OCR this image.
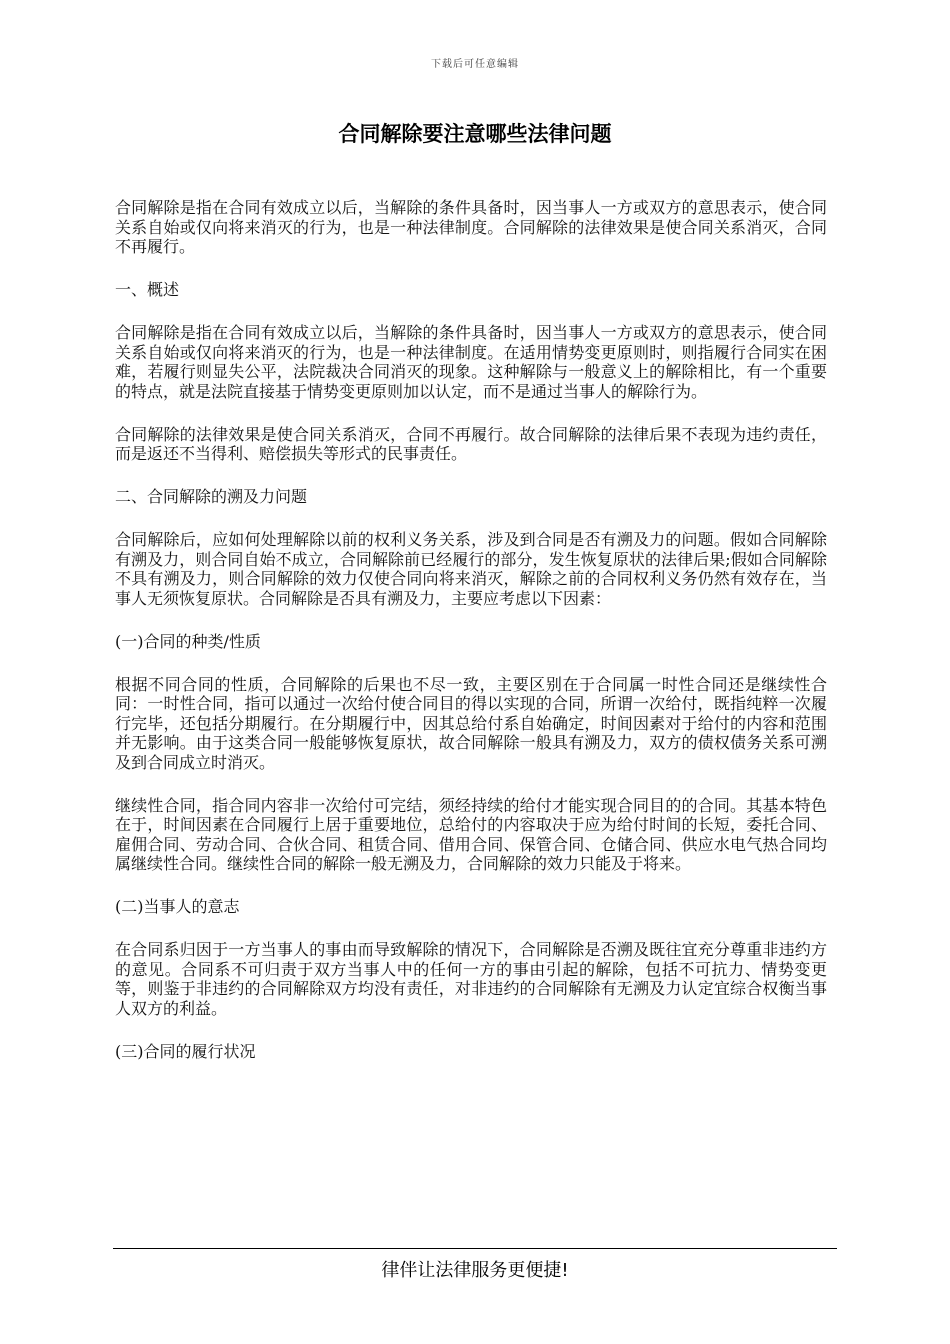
下载后可任意编辑
合同解除要注意哪些法律问题

合同解除是指在合同有效成立以后，当解除的条件具备时，因当事人一方或双方的意思表示，使合同关系自始或仅向将来消灭的行为，也是一种法律制度。合同解除的法律效果是使合同关系消灭，合同不再履行。

一、概述

合同解除是指在合同有效成立以后，当解除的条件具备时，因当事人一方或双方的意思表示，使合同关系自始或仅向将来消灭的行为，也是一种法律制度。在适用情势变更原则时，则指履行合同实在困难，若履行则显失公平，法院裁决合同消灭的现象。这种解除与一般意义上的解除相比，有一个重要的特点，就是法院直接基于情势变更原则加以认定，而不是通过当事人的解除行为。

合同解除的法律效果是使合同关系消灭，合同不再履行。故合同解除的法律后果不表现为违约责任，而是返还不当得利、赔偿损失等形式的民事责任。

二、合同解除的溯及力问题

合同解除后，应如何处理解除以前的权利义务关系，涉及到合同是否有溯及力的问题。假如合同解除有溯及力，则合同自始不成立，合同解除前已经履行的部分，发生恢复原状的法律后果;假如合同解除不具有溯及力，则合同解除的效力仅使合同向将来消灭，解除之前的合同权利义务仍然有效存在，当事人无须恢复原状。合同解除是否具有溯及力，主要应考虑以下因素：

(一)合同的种类/性质

根据不同合同的性质，合同解除的后果也不尽一致，主要区别在于合同属一时性合同还是继续性合同：一时性合同，指可以通过一次给付使合同目的得以实现的合同，所谓一次给付，既指纯粹一次履行完毕，还包括分期履行。在分期履行中，因其总给付系自始确定，时间因素对于给付的内容和范围并无影响。由于这类合同一般能够恢复原状，故合同解除一般具有溯及力，双方的债权债务关系可溯及到合同成立时消灭。

继续性合同，指合同内容非一次给付可完结，须经持续的给付才能实现合同目的的合同。其基本特色在于，时间因素在合同履行上居于重要地位，总给付的内容取决于应为给付时间的长短，委托合同、雇佣合同、劳动合同、合伙合同、租赁合同、借用合同、保管合同、仓储合同、供应水电气热合同均属继续性合同。继续性合同的解除一般无溯及力，合同解除的效力只能及于将来。

(二)当事人的意志

在合同系归因于一方当事人的事由而导致解除的情况下，合同解除是否溯及既往宜充分尊重非违约方的意见。合同系不可归责于双方当事人中的任何一方的事由引起的解除，包括不可抗力、情势变更等，则鉴于非违约的合同解除双方均没有责任，对非违约的合同解除有无溯及力认定宜综合权衡当事人双方的利益。

(三)合同的履行状况

律伴让法律服务更便捷!
